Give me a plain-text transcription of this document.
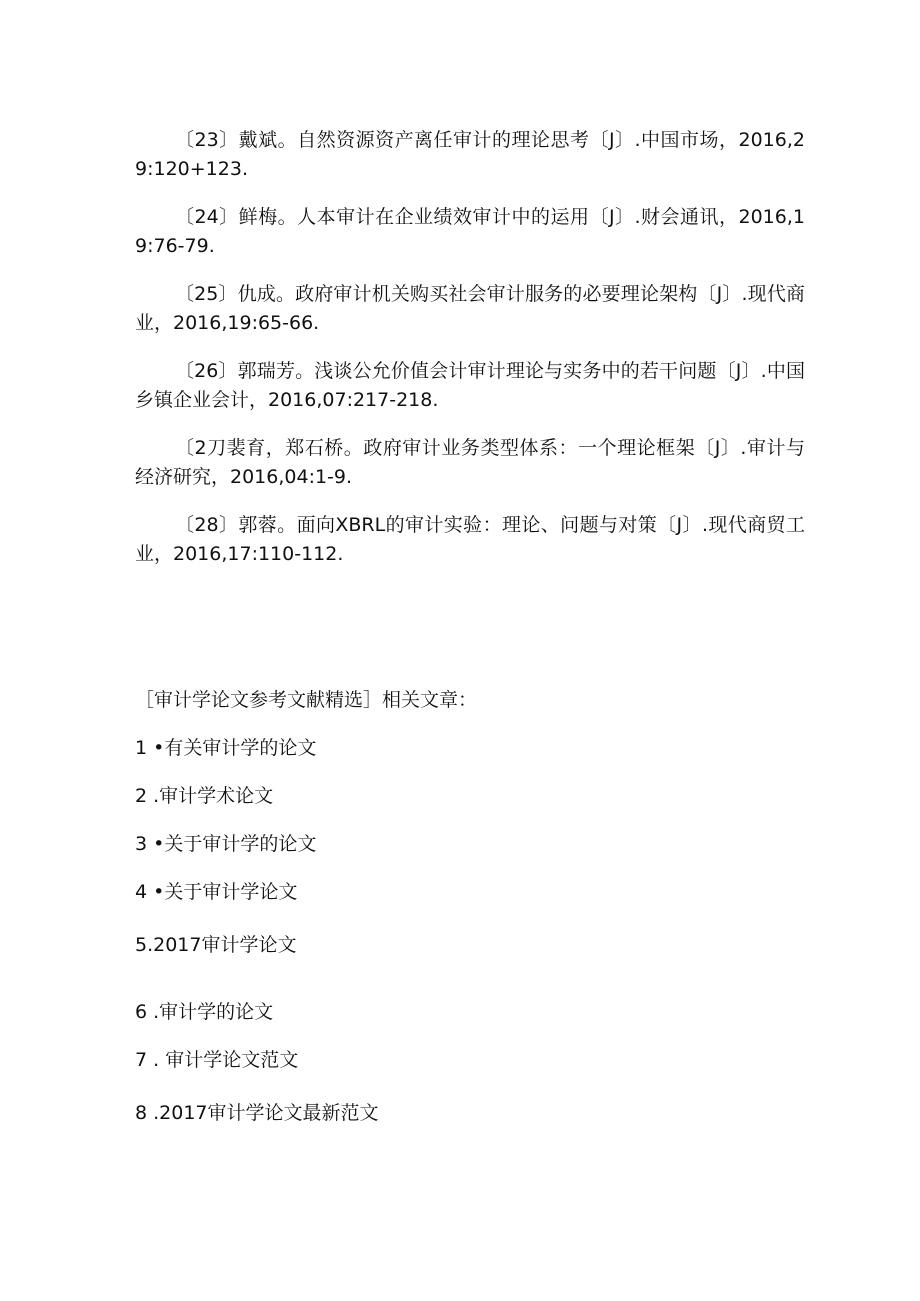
〔23〕戴斌。自然资源资产离任审计的理论思考〔J〕.中国市场，2016,29:120+123.

〔24〕鲜梅。人本审计在企业绩效审计中的运用〔J〕.财会通讯，2016,19:76-79.

〔25〕仇成。政府审计机关购买社会审计服务的必要理论架构〔J〕.现代商业，2016,19:65-66.

〔26〕郭瑞芳。浅谈公允价值会计审计理论与实务中的若干问题〔J〕.中国乡镇企业会计，2016,07:217-218.

〔2刀裴育，郑石桥。政府审计业务类型体系：一个理论框架〔J〕.审计与经济研究，2016,04:1-9.

〔28〕郭蓉。面向XBRL的审计实验：理论、问题与对策〔J〕.现代商贸工业，2016,17:110-112.

［审计学论文参考文献精选］相关文章：
1 •有关审计学的论文
2 .审计学术论文
3 •关于审计学的论文
4 •关于审计学论文
5.2017审计学论文
6 .审计学的论文
7 . 审计学论文范文
8 .2017审计学论文最新范文
